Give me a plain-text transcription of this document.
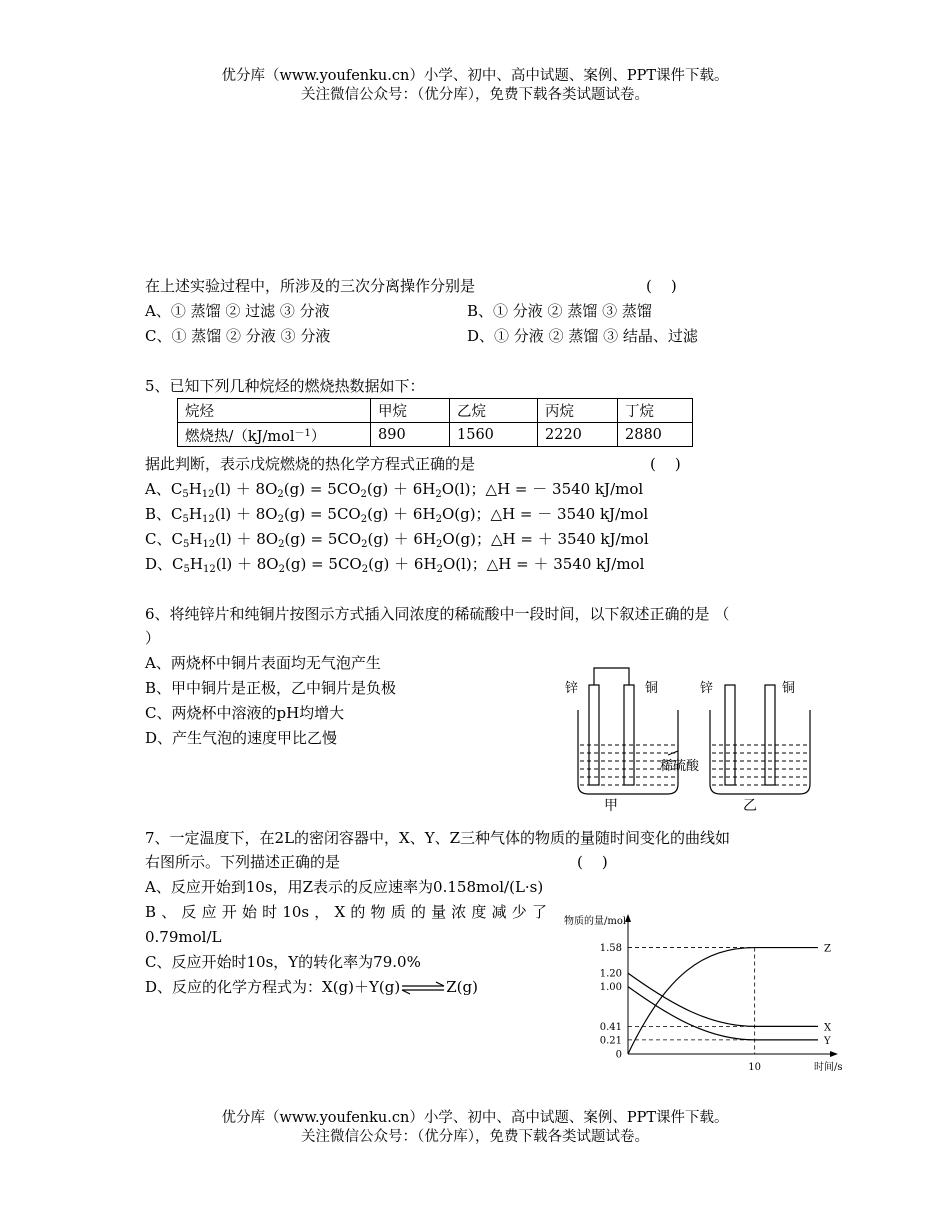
优分库（www.youfenku.cn）小学、初中、高中试题、案例、PPT课件下载。
关注微信公众号：（优分库），免费下载各类试题试卷。
在上述实验过程中，所涉及的三次分离操作分别是	(    )
A、① 蒸馏 ② 过滤 ③ 分液	B、① 分液 ② 蒸馏 ③ 蒸馏
C、① 蒸馏 ② 分液 ③ 分液	D、① 分液 ② 蒸馏 ③ 结晶、过滤
5、已知下列几种烷烃的燃烧热数据如下：
烷烃	甲烷	乙烷	丙烷	丁烷
燃烧热/（kJ/mol$^{-1}$）	890	1560	2220	2880
据此判断，表示戊烷燃烧的热化学方程式正确的是	(    )
A、$C_5H_{12}(l) + 8O_2(g) = 5CO_2(g) + 6H_2O(l)$；△H = － 3540 kJ/mol
B、$C_5H_{12}(l) + 8O_2(g) = 5CO_2(g) + 6H_2O(g)$；△H = － 3540 kJ/mol
C、$C_5H_{12}(l) + 8O_2(g) = 5CO_2(g) + 6H_2O(g)$；△H = ＋ 3540 kJ/mol
D、$C_5H_{12}(l) + 8O_2(g) = 5CO_2(g) + 6H_2O(l)$；△H = ＋ 3540 kJ/mol
6、将纯锌片和纯铜片按图示方式插入同浓度的稀硫酸中一段时间，以下叙述正确的是 （
）
A、两烧杯中铜片表面均无气泡产生
B、甲中铜片是正极，乙中铜片是负极
C、两烧杯中溶液的pH均增大
D、产生气泡的速度甲比乙慢
锌	铜	锌	铜
稀硫酸
甲	乙
7、一定温度下，在2L的密闭容器中，X、Y、Z三种气体的物质的量随时间变化的曲线如
右图所示。下列描述正确的是	(    )
A、反应开始到10s，用Z表示的反应速率为0.158mol/(L·s)
B、反应开始时10s，X的物质的量浓度减少了
0.79mol/L
C、反应开始时10s，Y的转化率为79.0%
D、反应的化学方程式为：X(g)＋Y(g)⇌Z(g)
物质的量/mol
时间/s
0
0.21
0.41
1.00
1.20
1.58
10
Z
X
Y
优分库（www.youfenku.cn）小学、初中、高中试题、案例、PPT课件下载。
关注微信公众号：（优分库），免费下载各类试题试卷。
